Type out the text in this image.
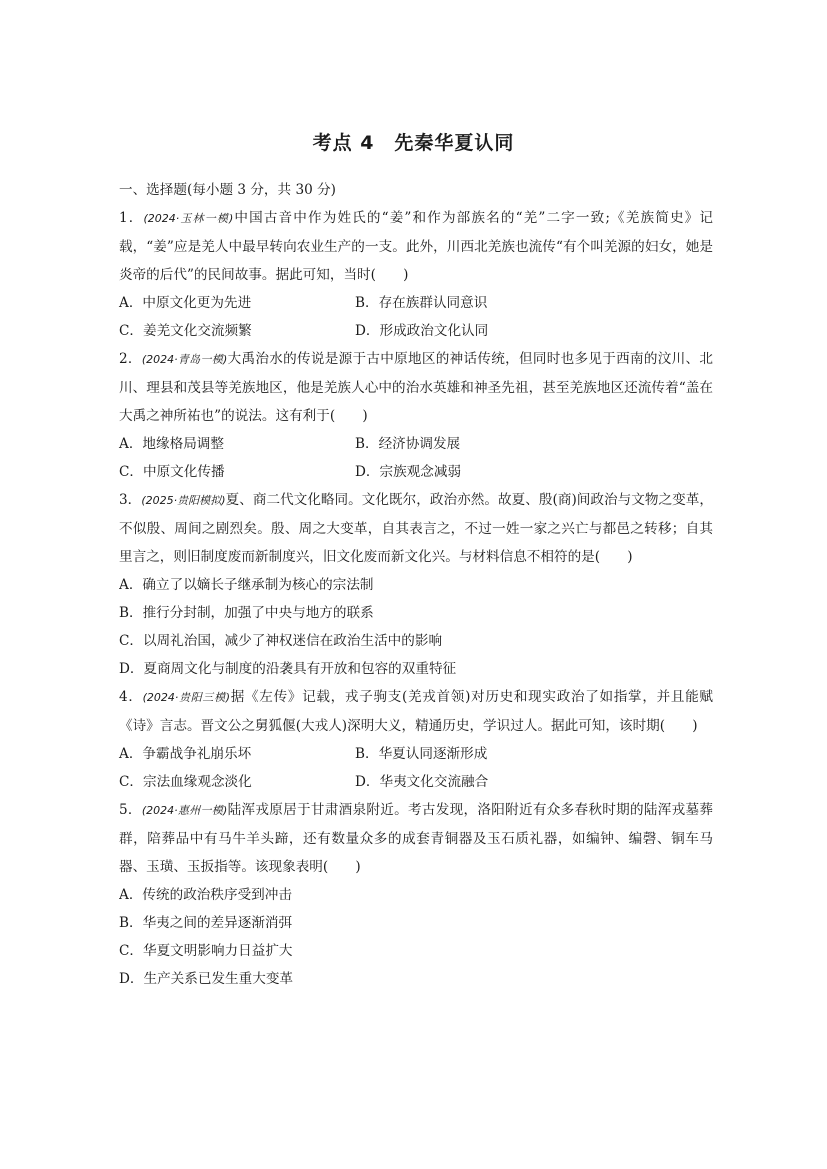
考点 4　先秦华夏认同
一、选择题(每小题 3 分，共 30 分)
1．(2024·玉林一模)中国古音中作为姓氏的“姜”和作为部族名的“羌”二字一致;《羌族简史》记载，“姜”应是羌人中最早转向农业生产的一支。此外，川西北羌族也流传“有个叫羌源的妇女，她是炎帝的后代”的民间故事。据此可知，当时(　　)
A．中原文化更为先进	B．存在族群认同意识
C．姜羌文化交流频繁	D．形成政治文化认同
2．(2024·青岛一模)大禹治水的传说是源于古中原地区的神话传统，但同时也多见于西南的汶川、北川、理县和茂县等羌族地区，他是羌族人心中的治水英雄和神圣先祖，甚至羌族地区还流传着“盖在大禹之神所祐也”的说法。这有利于(　　)
A．地缘格局调整	B．经济协调发展
C．中原文化传播	D．宗族观念减弱
3．(2025·贵阳模拟)夏、商二代文化略同。文化既尔，政治亦然。故夏、殷(商)间政治与文物之变革，不似殷、周间之剧烈矣。殷、周之大变革，自其表言之，不过一姓一家之兴亡与都邑之转移；自其里言之，则旧制度废而新制度兴，旧文化废而新文化兴。与材料信息不相符的是(　　)
A．确立了以嫡长子继承制为核心的宗法制
B．推行分封制，加强了中央与地方的联系
C．以周礼治国，减少了神权迷信在政治生活中的影响
D．夏商周文化与制度的沿袭具有开放和包容的双重特征
4．(2024·贵阳三模)据《左传》记载，戎子驹支(羌戎首领)对历史和现实政治了如指掌，并且能赋《诗》言志。晋文公之舅狐偃(大戎人)深明大义，精通历史，学识过人。据此可知，该时期(　　)
A．争霸战争礼崩乐坏	B．华夏认同逐渐形成
C．宗法血缘观念淡化	D．华夷文化交流融合
5．(2024·惠州一模)陆浑戎原居于甘肃酒泉附近。考古发现，洛阳附近有众多春秋时期的陆浑戎墓葬群，陪葬品中有马牛羊头蹄，还有数量众多的成套青铜器及玉石质礼器，如编钟、编磬、铜车马器、玉璜、玉扳指等。该现象表明(　　)
A．传统的政治秩序受到冲击
B．华夷之间的差异逐渐消弭
C．华夏文明影响力日益扩大
D．生产关系已发生重大变革
